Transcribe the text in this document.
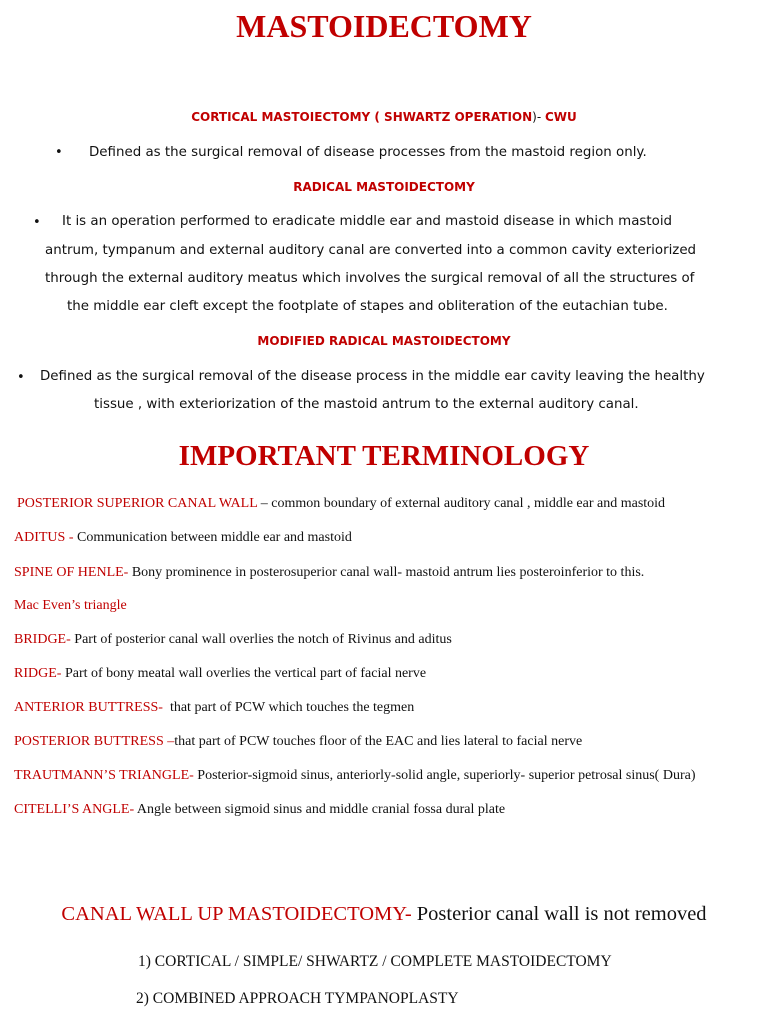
MASTOIDECTOMY
CORTICAL MASTOIECTOMY ( SHWARTZ OPERATION)- CWU
• Defined as the surgical removal of disease processes from the mastoid region only.
RADICAL MASTOIDECTOMY
• It is an operation performed to eradicate middle ear and mastoid disease in which mastoid
antrum, tympanum and external auditory canal are converted into a common cavity exteriorized
through the external auditory meatus which involves the surgical removal of all the structures of
the middle ear cleft except the footplate of stapes and obliteration of the eutachian tube.
MODIFIED RADICAL MASTOIDECTOMY
• Defined as the surgical removal of the disease process in the middle ear cavity leaving the healthy
tissue , with exteriorization of the mastoid antrum to the external auditory canal.
IMPORTANT TERMINOLOGY
POSTERIOR SUPERIOR CANAL WALL – common boundary of external auditory canal , middle ear and mastoid
ADITUS - Communication between middle ear and mastoid
SPINE OF HENLE- Bony prominence in posterosuperior canal wall- mastoid antrum lies posteroinferior to this.
Mac Even’s triangle
BRIDGE- Part of posterior canal wall overlies the notch of Rivinus and aditus
RIDGE- Part of bony meatal wall overlies the vertical part of facial nerve
ANTERIOR BUTTRESS-  that part of PCW which touches the tegmen
POSTERIOR BUTTRESS –that part of PCW touches floor of the EAC and lies lateral to facial nerve
TRAUTMANN’S TRIANGLE- Posterior-sigmoid sinus, anteriorly-solid angle, superiorly- superior petrosal sinus( Dura)
CITELLI’S ANGLE- Angle between sigmoid sinus and middle cranial fossa dural plate
CANAL WALL UP MASTOIDECTOMY- Posterior canal wall is not removed
1) CORTICAL / SIMPLE/ SHWARTZ / COMPLETE MASTOIDECTOMY
2) COMBINED APPROACH TYMPANOPLASTY
